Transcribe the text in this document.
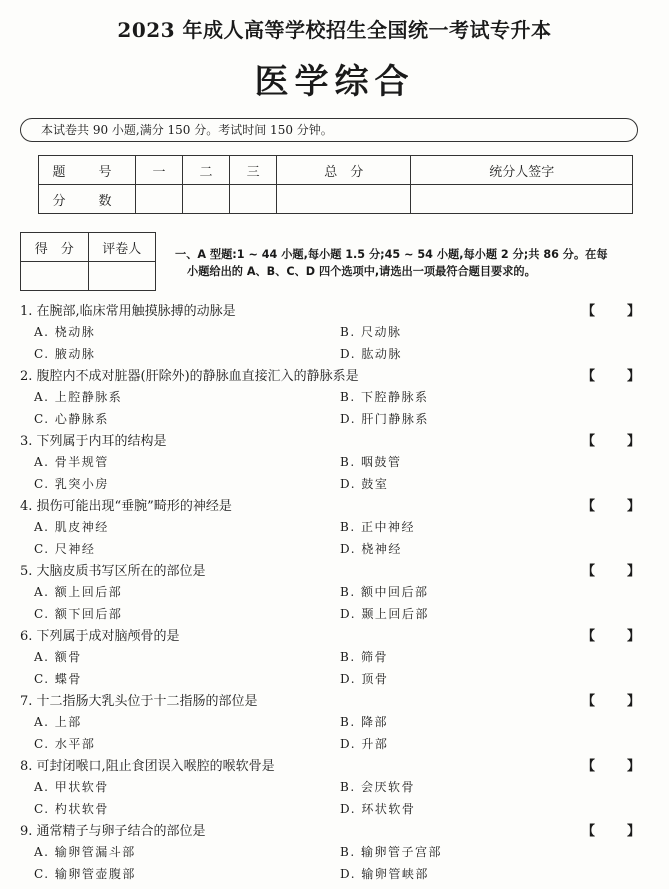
2023 年成人高等学校招生全国统一考试专升本
医学综合
本试卷共 90 小题,满分 150 分。考试时间 150 分钟。
题　号	一	二	三	总　分	统分人签字
分　数					
得　分	评卷人
		一、A 型题:1 ~ 44 小题,每小题 1.5 分;45 ~ 54 小题,每小题 2 分;共 86 分。在每
小题给出的 A、B、C、D 四个选项中,请选出一项最符合题目要求的。
1. 在腕部,临床常用触摸脉搏的动脉是	【　　】
A. 桡动脉	B. 尺动脉
C. 腋动脉	D. 肱动脉
2. 腹腔内不成对脏器(肝除外)的静脉血直接汇入的静脉系是	【　　】
A. 上腔静脉系	B. 下腔静脉系
C. 心静脉系	D. 肝门静脉系
3. 下列属于内耳的结构是	【　　】
A. 骨半规管	B. 咽鼓管
C. 乳突小房	D. 鼓室
4. 损伤可能出现“垂腕”畸形的神经是	【　　】
A. 肌皮神经	B. 正中神经
C. 尺神经	D. 桡神经
5. 大脑皮质书写区所在的部位是	【　　】
A. 额上回后部	B. 额中回后部
C. 额下回后部	D. 颞上回后部
6. 下列属于成对脑颅骨的是	【　　】
A. 额骨	B. 筛骨
C. 蝶骨	D. 顶骨
7. 十二指肠大乳头位于十二指肠的部位是	【　　】
A. 上部	B. 降部
C. 水平部	D. 升部
8. 可封闭喉口,阻止食团误入喉腔的喉软骨是	【　　】
A. 甲状软骨	B. 会厌软骨
C. 杓状软骨	D. 环状软骨
9. 通常精子与卵子结合的部位是	【　　】
A. 输卵管漏斗部	B. 输卵管子宫部
C. 输卵管壶腹部	D. 输卵管峡部
